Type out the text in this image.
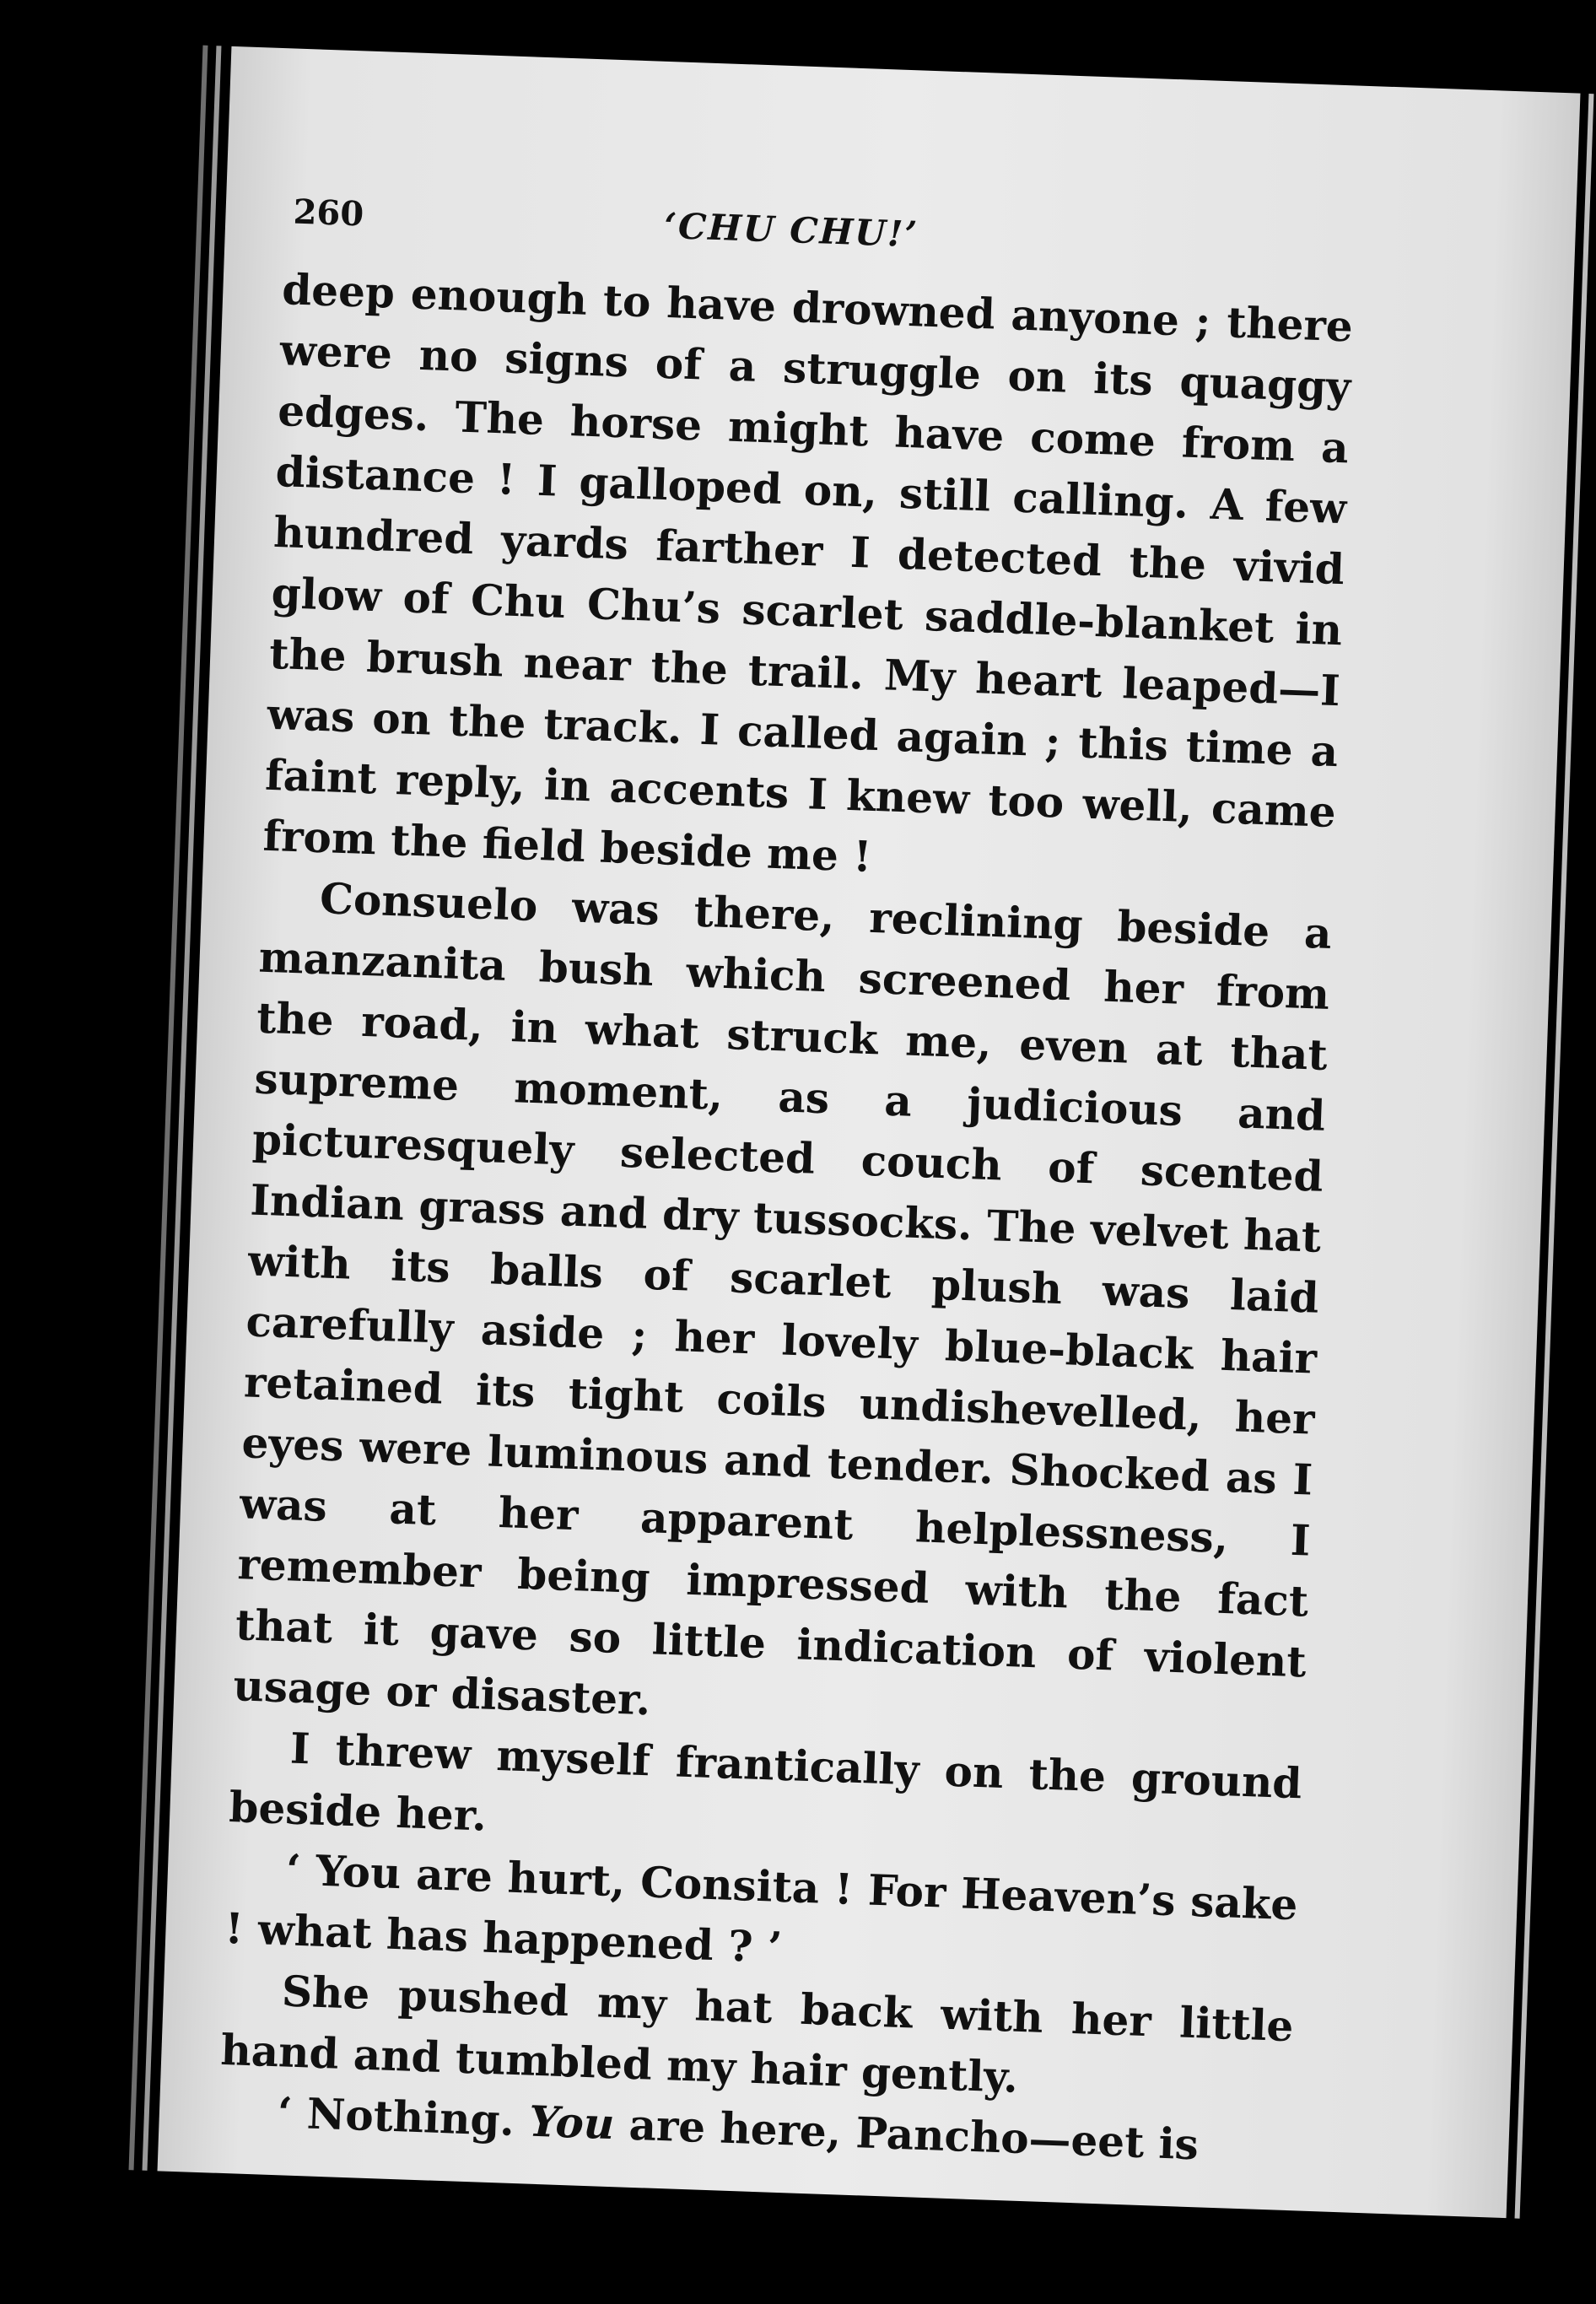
260	‘CHU CHU!’

deep enough to have drowned anyone ; there were no signs of a struggle on its quaggy edges. The horse might have come from a distance ! I galloped on, still calling. A few hundred yards farther I detected the vivid glow of Chu Chu’s scarlet saddle-blanket in the brush near the trail. My heart leaped—I was on the track. I called again ; this time a faint reply, in accents I knew too well, came from the field beside me !

Consuelo was there, reclining beside a manzanita bush which screened her from the road, in what struck me, even at that supreme moment, as a judicious and picturesquely selected couch of scented Indian grass and dry tussocks. The velvet hat with its balls of scarlet plush was laid carefully aside ; her lovely blue-black hair retained its tight coils undishevelled, her eyes were luminous and tender. Shocked as I was at her apparent helplessness, I remember being impressed with the fact that it gave so little indication of violent usage or disaster.

I threw myself frantically on the ground beside her.

‘ You are hurt, Consita ! For Heaven’s sake ! what has happened ? ’

She pushed my hat back with her little hand and tumbled my hair gently.

‘ Nothing. You are here, Pancho—eet is
